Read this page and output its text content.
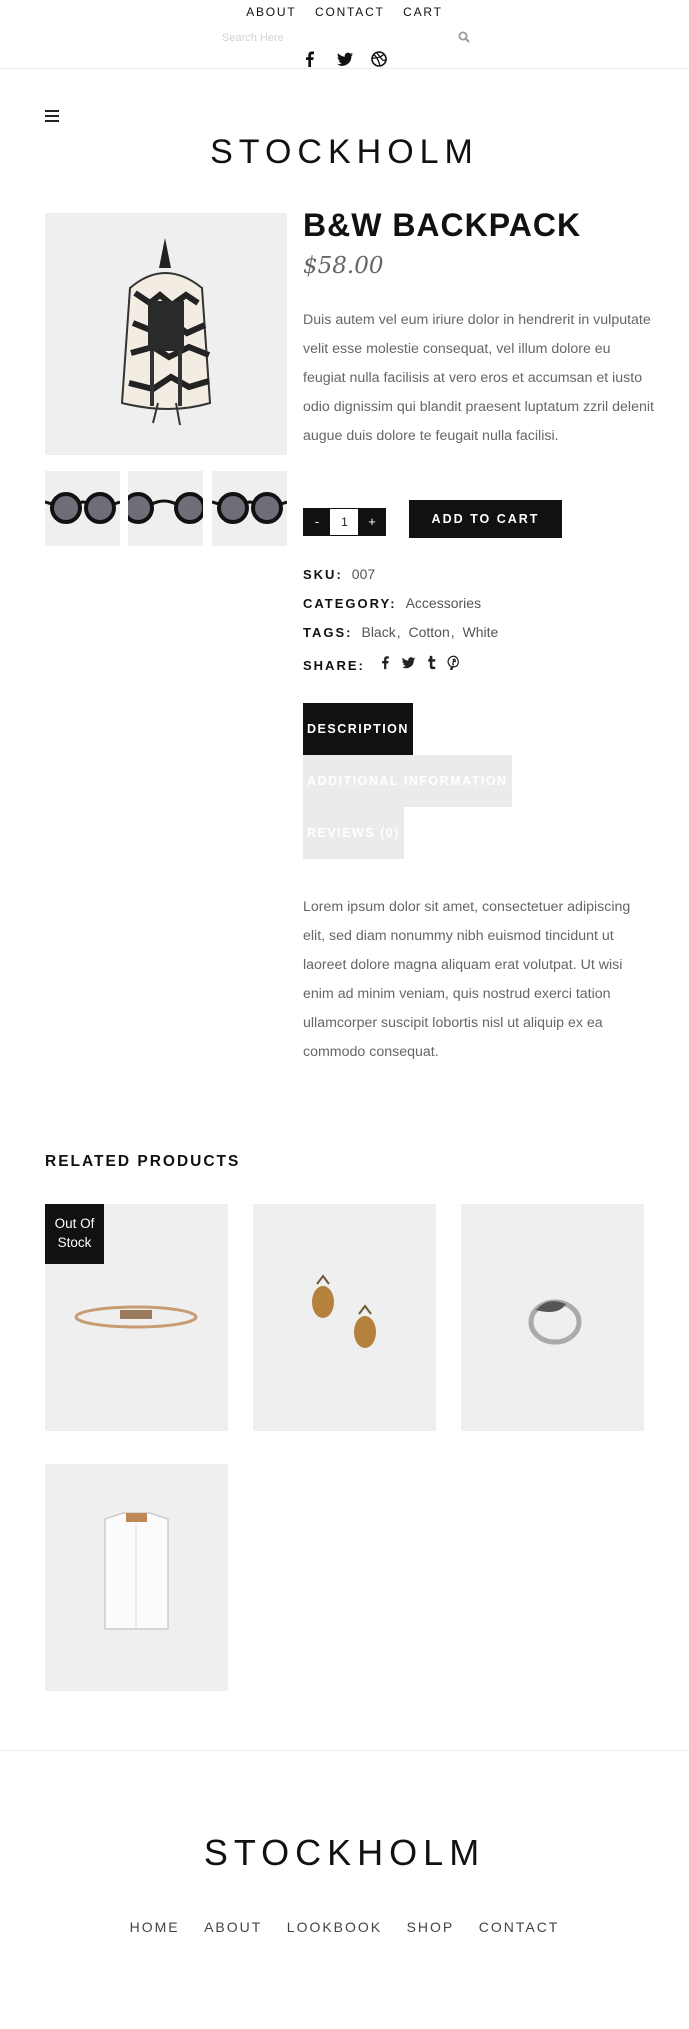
ABOUT CONTACT CART
Search Here

STOCKHOLM
B&W BACKPACK
$58.00
Duis autem vel eum iriure dolor in hendrerit in vulputate velit esse molestie consequat, vel illum dolore eu feugiat nulla facilisis at vero eros et accumsan et iusto odio dignissim qui blandit praesent luptatum zzril delenit augue duis dolore te feugait nulla facilisi.
-	1	+	ADD TO CART
SKU: 007
CATEGORY: Accessories
TAGS: Black, Cotton, White
SHARE:
DESCRIPTION
ADDITIONAL INFORMATION
REVIEWS (0)
Lorem ipsum dolor sit amet, consectetuer adipiscing elit, sed diam nonummy nibh euismod tincidunt ut laoreet dolore magna aliquam erat volutpat. Ut wisi enim ad minim veniam, quis nostrud exerci tation ullamcorper suscipit lobortis nisl ut aliquip ex ea commodo consequat.
RELATED PRODUCTS
Out Of Stock
STOCKHOLM
HOME ABOUT LOOKBOOK SHOP CONTACT
